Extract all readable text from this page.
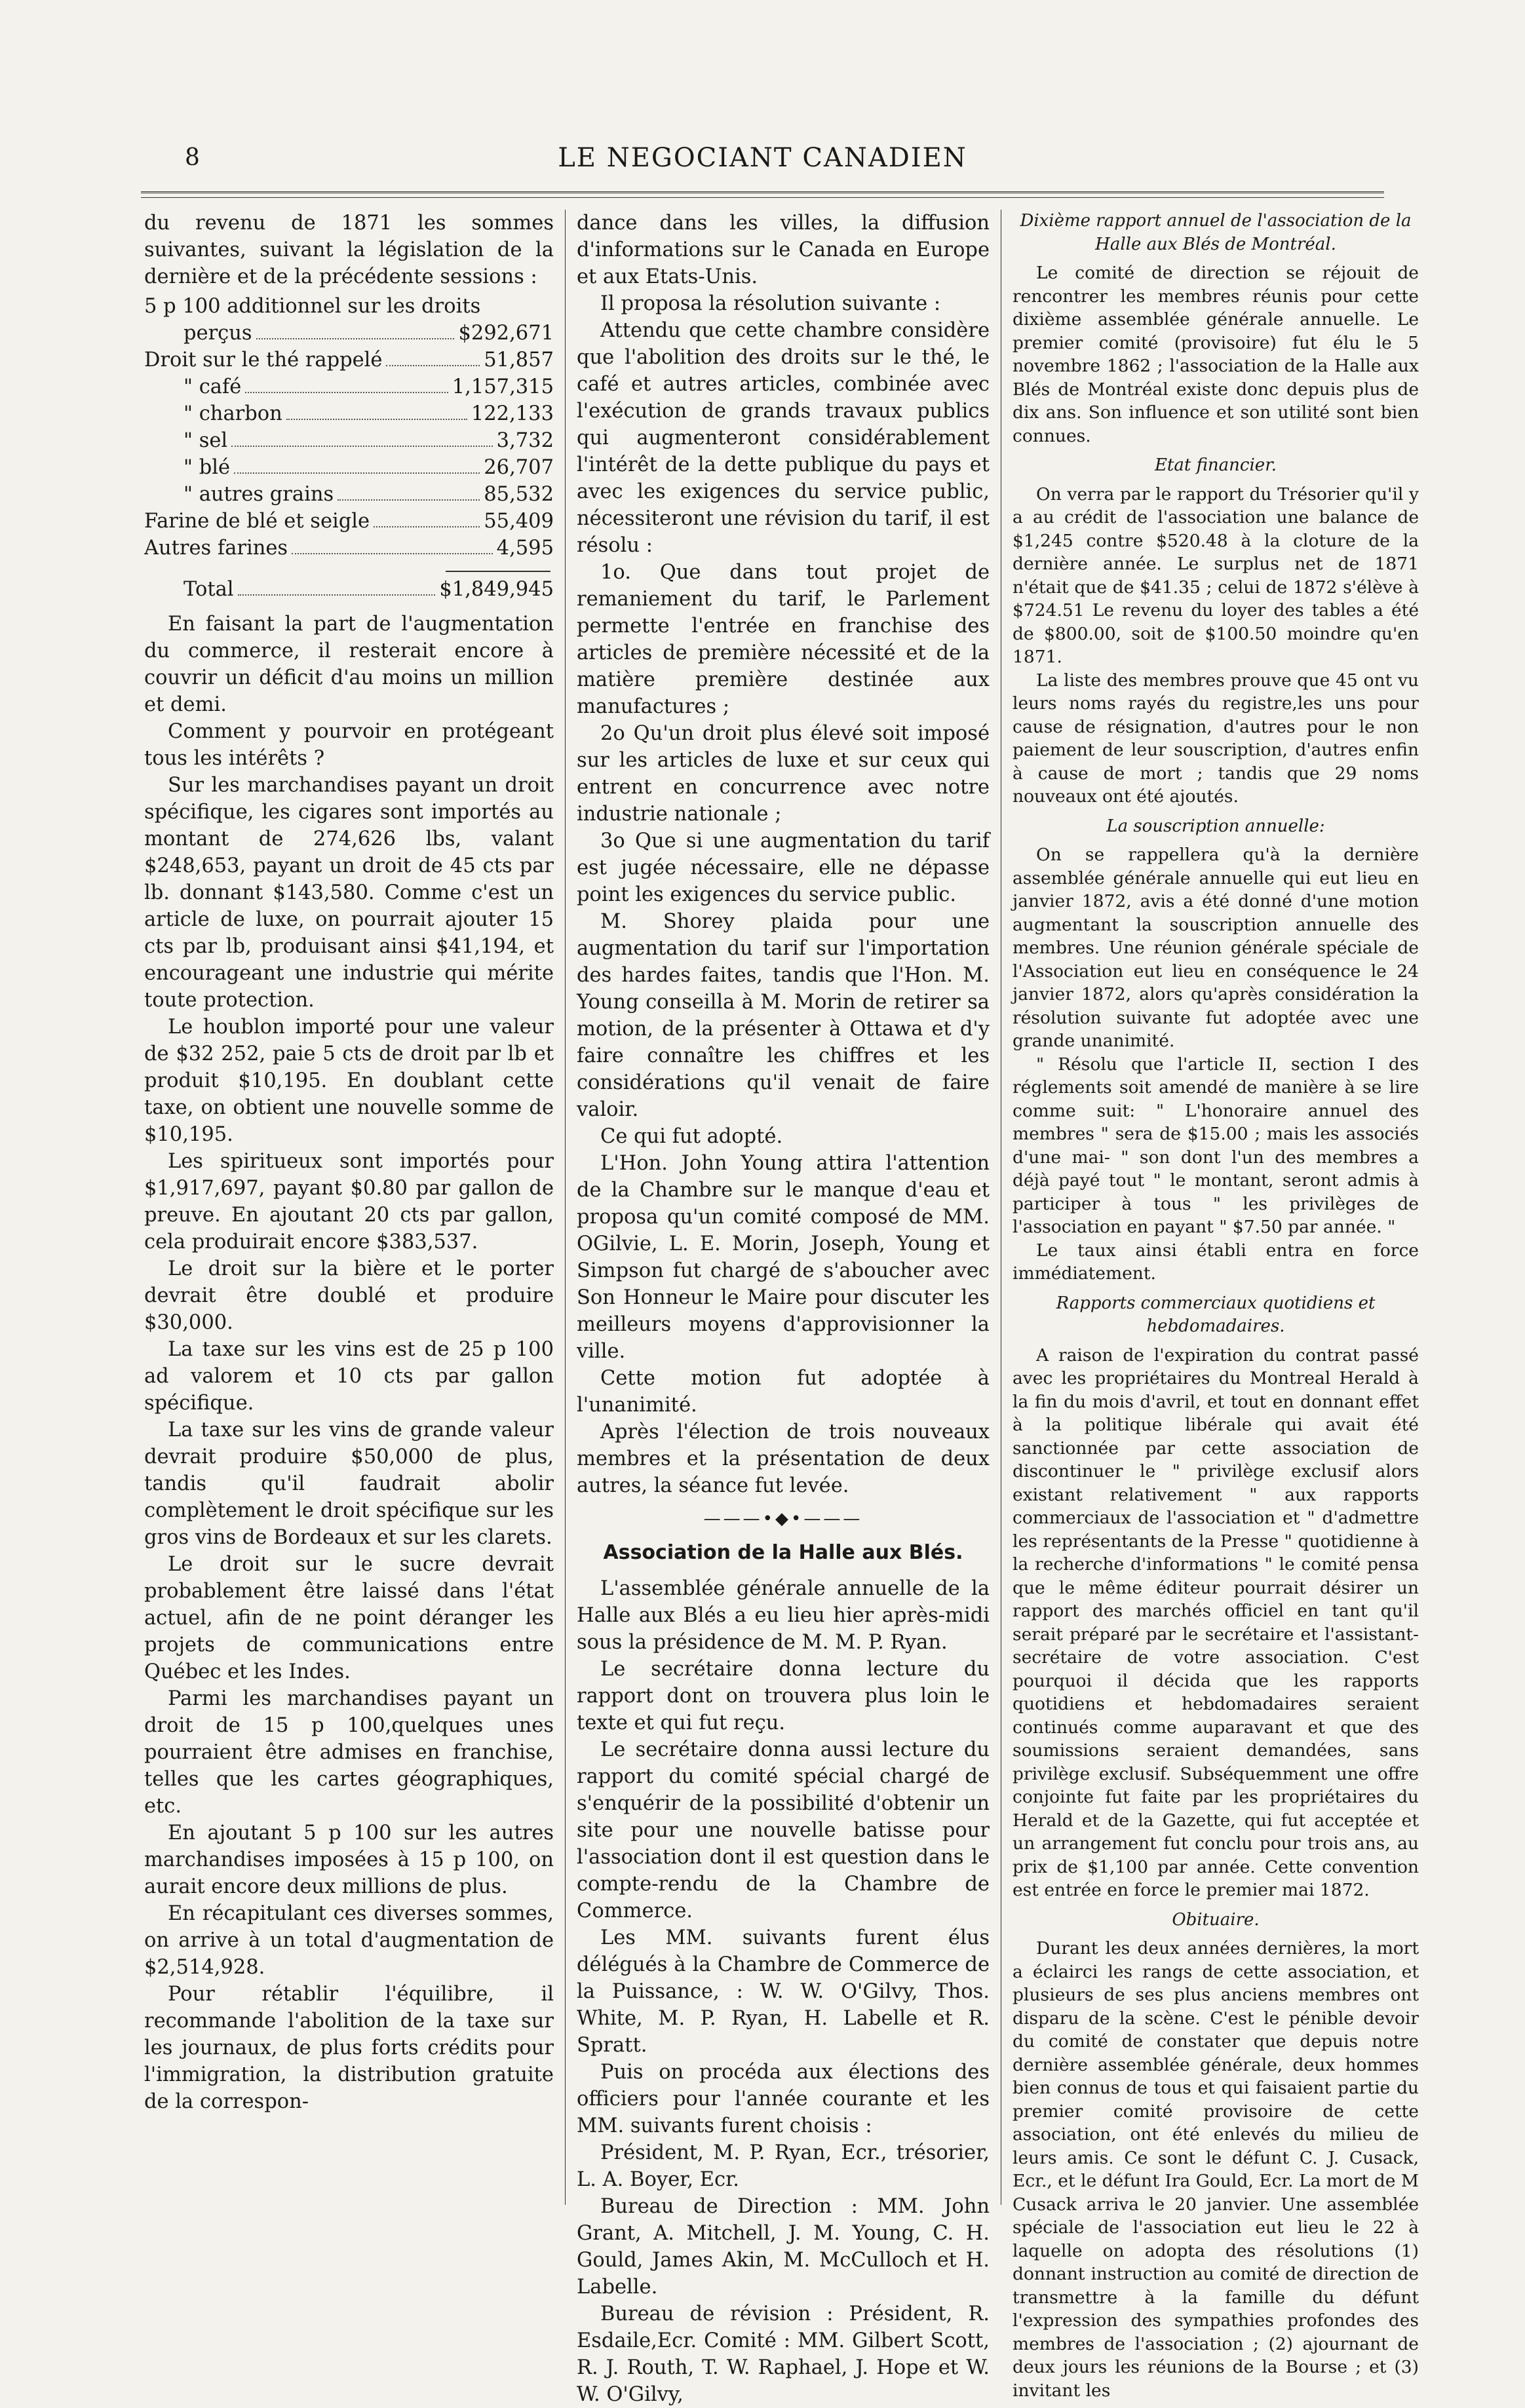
8	LE NEGOCIANT CANADIEN

du revenu de 1871 les sommes suivantes, suivant la législation de la dernière et de la précédente sessions :

5 p 100 additionnel sur les droits
perçus	$292,671
Droit sur le thé rappelé	51,857
" café	1,157,315
" charbon	122,133
" sel	3,732
" blé	26,707
" autres grains	85,532
Farine de blé et seigle	55,409
Autres farines	4,595
Total	$1,849,945

En faisant la part de l'augmentation du commerce, il resterait encore à couvrir un déficit d'au moins un million et demi.

Comment y pourvoir en protégeant tous les intérêts ?

Sur les marchandises payant un droit spécifique, les cigares sont importés au montant de 274,626 lbs, valant $248,653, payant un droit de 45 cts par lb. donnant $143,580. Comme c'est un article de luxe, on pourrait ajouter 15 cts par lb, produisant ainsi $41,194, et encourageant une industrie qui mérite toute protection.

Le houblon importé pour une valeur de $32 252, paie 5 cts de droit par lb et produit $10,195. En doublant cette taxe, on obtient une nouvelle somme de $10,195.

Les spiritueux sont importés pour $1,917,697, payant $0.80 par gallon de preuve. En ajoutant 20 cts par gallon, cela produirait encore $383,537.

Le droit sur la bière et le porter devrait être doublé et produire $30,000.

La taxe sur les vins est de 25 p 100 ad valorem et 10 cts par gallon spécifique.

La taxe sur les vins de grande valeur devrait produire $50,000 de plus, tandis qu'il faudrait abolir complètement le droit spécifique sur les gros vins de Bordeaux et sur les clarets.

Le droit sur le sucre devrait probablement être laissé dans l'état actuel, afin de ne point déranger les projets de communications entre Québec et les Indes.

Parmi les marchandises payant un droit de 15 p 100,quelques unes pourraient être admises en franchise, telles que les cartes géographiques, etc.

En ajoutant 5 p 100 sur les autres marchandises imposées à 15 p 100, on aurait encore deux millions de plus.

En récapitulant ces diverses sommes, on arrive à un total d'augmentation de $2,514,928.

Pour rétablir l'équilibre, il recommande l'abolition de la taxe sur les journaux, de plus forts crédits pour l'immigration, la distribution gratuite de la correspon-

dance dans les villes, la diffusion d'informations sur le Canada en Europe et aux Etats-Unis.

Il proposa la résolution suivante :

Attendu que cette chambre considère que l'abolition des droits sur le thé, le café et autres articles, combinée avec l'exécution de grands travaux publics qui augmenteront considérablement l'intérêt de la dette publique du pays et avec les exigences du service public, nécessiteront une révision du tarif, il est résolu :

1o. Que dans tout projet de remaniement du tarif, le Parlement permette l'entrée en franchise des articles de première nécessité et de la matière première destinée aux manufactures ;

2o Qu'un droit plus élevé soit imposé sur les articles de luxe et sur ceux qui entrent en concurrence avec notre industrie nationale ;

3o Que si une augmentation du tarif est jugée nécessaire, elle ne dépasse point les exigences du service public.

M. Shorey plaida pour une augmentation du tarif sur l'importation des hardes faites, tandis que l'Hon. M. Young conseilla à M. Morin de retirer sa motion, de la présenter à Ottawa et d'y faire connaître les chiffres et les considérations qu'il venait de faire valoir.

Ce qui fut adopté.

L'Hon. John Young attira l'attention de la Chambre sur le manque d'eau et proposa qu'un comité composé de MM. OGilvie, L. E. Morin, Joseph, Young et Simpson fut chargé de s'aboucher avec Son Honneur le Maire pour discuter les meilleurs moyens d'approvisionner la ville.

Cette motion fut adoptée à l'unanimité.

Après l'élection de trois nouveaux membres et la présentation de deux autres, la séance fut levée.

———•◆•———
Association de la Halle aux Blés.

L'assemblée générale annuelle de la Halle aux Blés a eu lieu hier après-midi sous la présidence de M. M. P. Ryan.

Le secrétaire donna lecture du rapport dont on trouvera plus loin le texte et qui fut reçu.

Le secrétaire donna aussi lecture du rapport du comité spécial chargé de s'enquérir de la possibilité d'obtenir un site pour une nouvelle batisse pour l'association dont il est question dans le compte-rendu de la Chambre de Commerce.

Les MM. suivants furent élus délégués à la Chambre de Commerce de la Puissance, : W. W. O'Gilvy, Thos. White, M. P. Ryan, H. Labelle et R. Spratt.

Puis on procéda aux élections des officiers pour l'année courante et les MM. suivants furent choisis :

Président, M. P. Ryan, Ecr., trésorier, L. A. Boyer, Ecr.

Bureau de Direction : MM. John Grant, A. Mitchell, J. M. Young, C. H. Gould, James Akin, M. McCulloch et H. Labelle.

Bureau de révision : Président, R. Esdaile,Ecr. Comité : MM. Gilbert Scott, R. J. Routh, T. W. Raphael, J. Hope et W. W. O'Gilvy,

Dixième rapport annuel de l'association de la Halle aux Blés de Montréal.

Le comité de direction se réjouit de rencontrer les membres réunis pour cette dixième assemblée générale annuelle. Le premier comité (provisoire) fut élu le 5 novembre 1862 ; l'association de la Halle aux Blés de Montréal existe donc depuis plus de dix ans. Son influence et son utilité sont bien connues.

Etat financier.

On verra par le rapport du Trésorier qu'il y a au crédit de l'association une balance de $1,245 contre $520.48 à la cloture de la dernière année. Le surplus net de 1871 n'était que de $41.35 ; celui de 1872 s'élève à $724.51 Le revenu du loyer des tables a été de $800.00, soit de $100.50 moindre qu'en 1871.

La liste des membres prouve que 45 ont vu leurs noms rayés du registre,les uns pour cause de résignation, d'autres pour le non paiement de leur souscription, d'autres enfin à cause de mort ; tandis que 29 noms nouveaux ont été ajoutés.

La souscription annuelle:

On se rappellera qu'à la dernière assemblée générale annuelle qui eut lieu en janvier 1872, avis a été donné d'une motion augmentant la souscription annuelle des membres. Une réunion générale spéciale de l'Association eut lieu en conséquence le 24 janvier 1872, alors qu'après considération la résolution suivante fut adoptée avec une grande unanimité.

" Résolu que l'article II, section I des réglements soit amendé de manière à se lire comme suit: " L'honoraire annuel des membres " sera de $15.00 ; mais les associés d'une mai- " son dont l'un des membres a déjà payé tout " le montant, seront admis à participer à tous " les privilèges de l'association en payant " $7.50 par année. "

Le taux ainsi établi entra en force immédiatement.

Rapports commerciaux quotidiens et hebdomadaires.

A raison de l'expiration du contrat passé avec les propriétaires du Montreal Herald à la fin du mois d'avril, et tout en donnant effet à la politique libérale qui avait été sanctionnée par cette association de discontinuer le " privilège exclusif alors existant relativement " aux rapports commerciaux de l'association et " d'admettre les représentants de la Presse " quotidienne à la recherche d'informations " le comité pensa que le même éditeur pourrait désirer un rapport des marchés officiel en tant qu'il serait préparé par le secrétaire et l'assistant-secrétaire de votre association. C'est pourquoi il décida que les rapports quotidiens et hebdomadaires seraient continués comme auparavant et que des soumissions seraient demandées, sans privilège exclusif. Subséquemment une offre conjointe fut faite par les propriétaires du Herald et de la Gazette, qui fut acceptée et un arrangement fut conclu pour trois ans, au prix de $1,100 par année. Cette convention est entrée en force le premier mai 1872.

Obituaire.

Durant les deux années dernières, la mort a éclairci les rangs de cette association, et plusieurs de ses plus anciens membres ont disparu de la scène. C'est le pénible devoir du comité de constater que depuis notre dernière assemblée générale, deux hommes bien connus de tous et qui faisaient partie du premier comité provisoire de cette association, ont été enlevés du milieu de leurs amis. Ce sont le défunt C. J. Cusack, Ecr., et le défunt Ira Gould, Ecr. La mort de M Cusack arriva le 20 janvier. Une assemblée spéciale de l'association eut lieu le 22 à laquelle on adopta des résolutions (1) donnant instruction au comité de direction de transmettre à la famille du défunt l'expression des sympathies profondes des membres de l'association ; (2) ajournant de deux jours les réunions de la Bourse ; et (3) invitant les
